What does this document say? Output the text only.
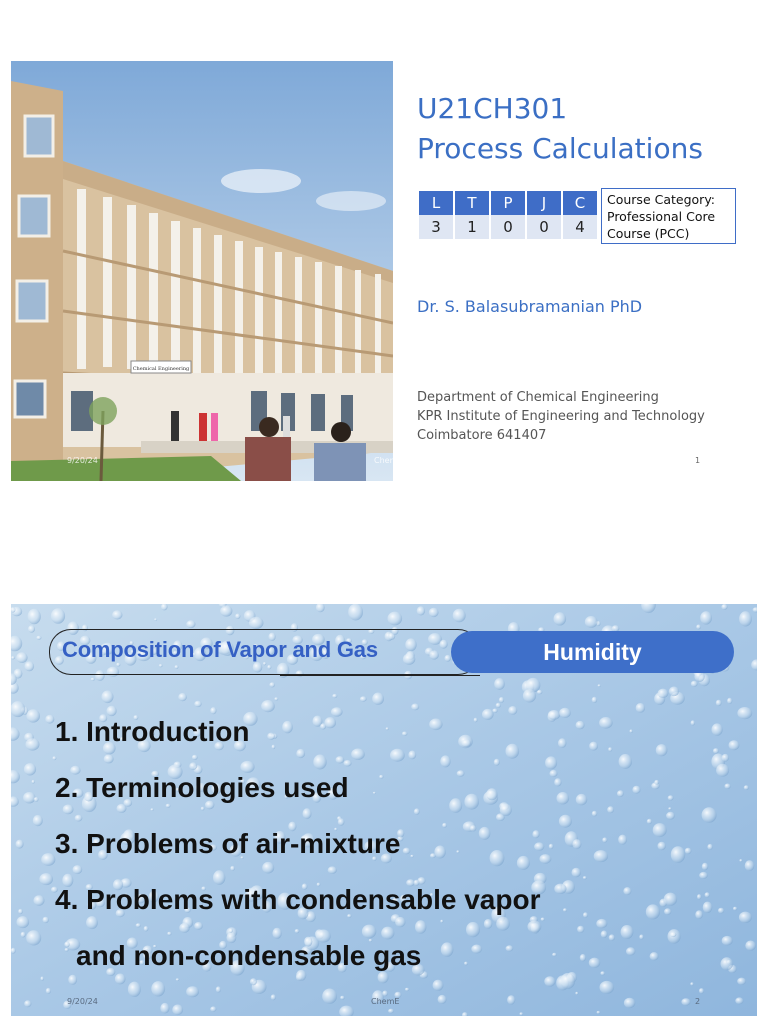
Chemical Engineering
U21CH301
Process Calculations
L	T	P	J	C
3	1	0	0	4
Course Category:
Professional Core
Course (PCC)
Dr. S. Balasubramanian PhD
Department of Chemical Engineering
KPR Institute of Engineering and Technology
Coimbatore 641407
9/20/24	ChemE	1
Composition of Vapor and Gas	Humidity
1. Introduction
2. Terminologies used
3. Problems of air-mixture
4. Problems with condensable vapor
and non-condensable gas
9/20/24	ChemE	2
